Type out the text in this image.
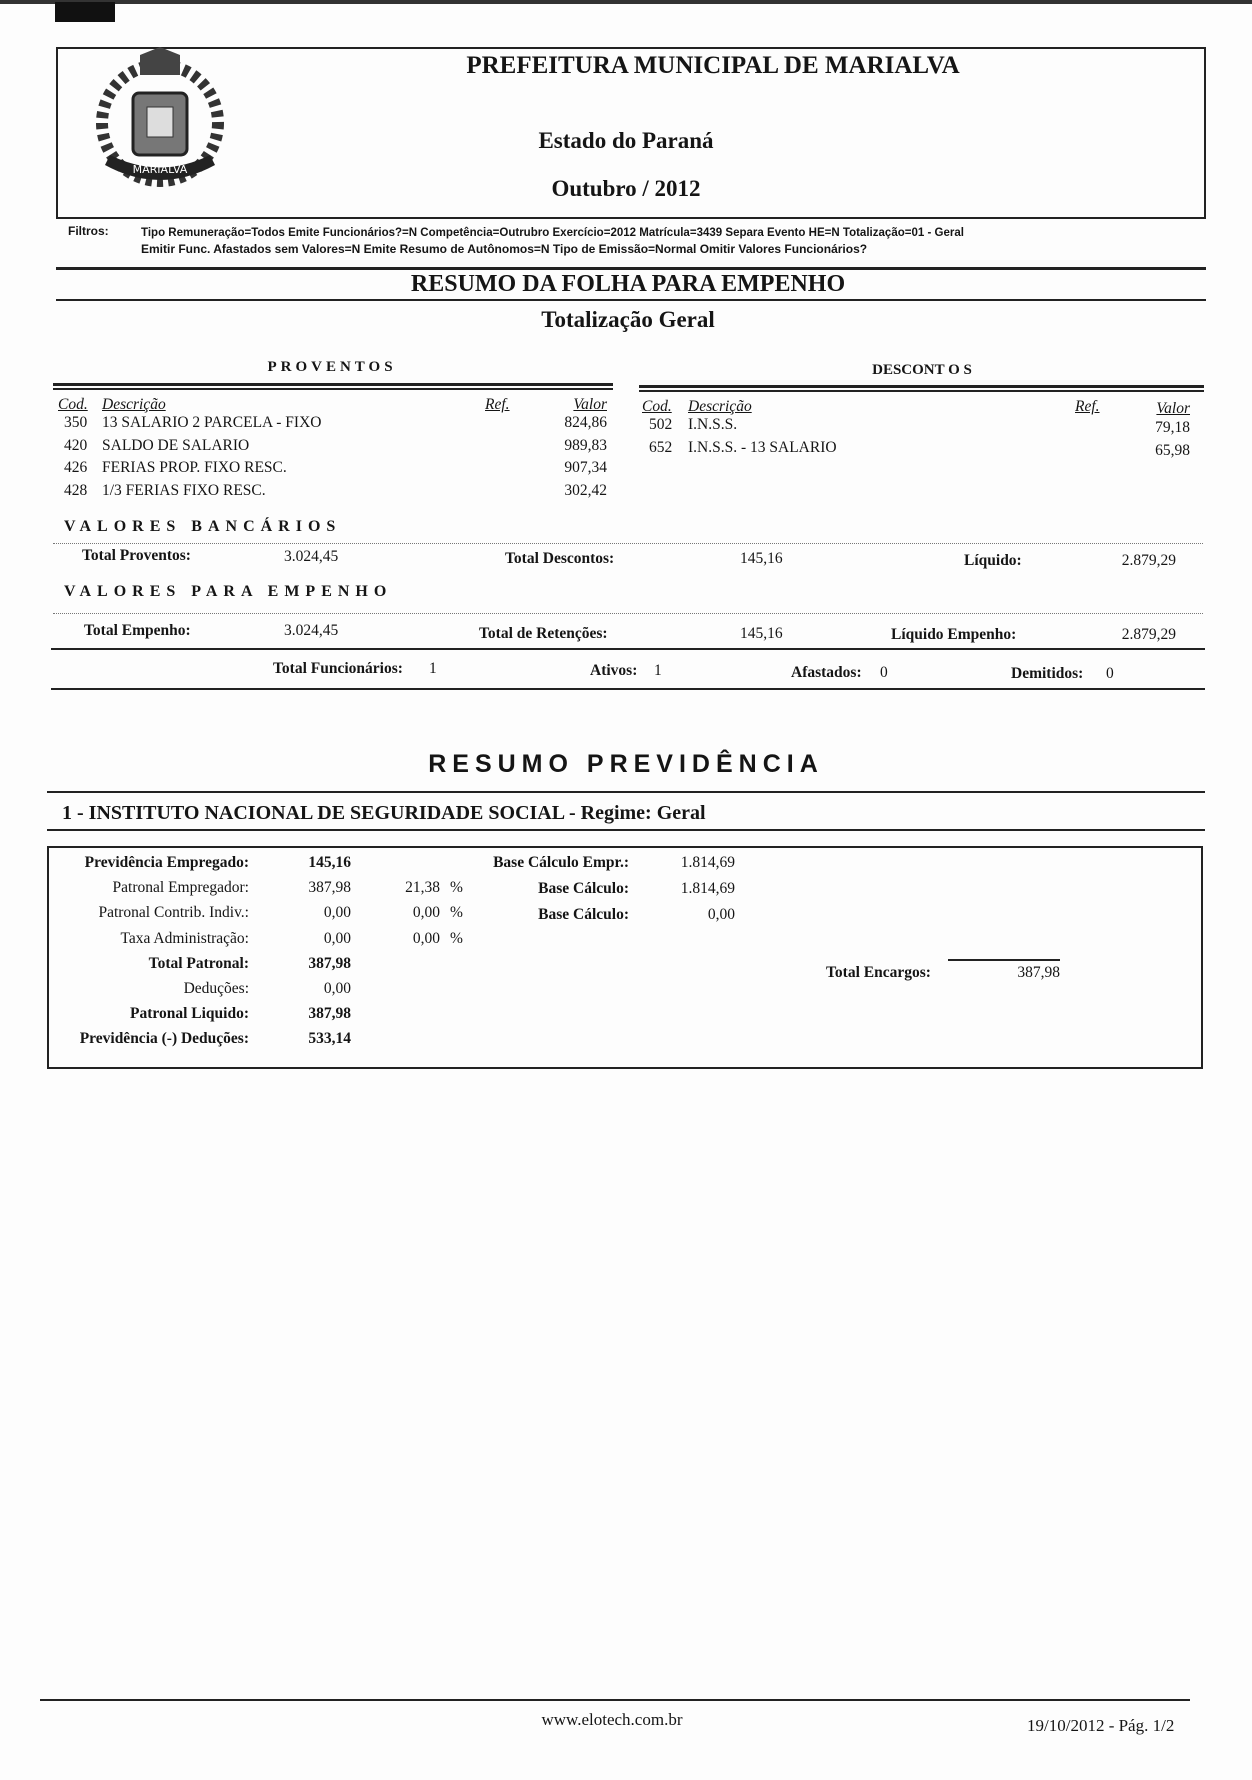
MARIALVA
PREFEITURA MUNICIPAL DE MARIALVA
Estado do Paraná
Outubro / 2012
Filtros:	Tipo Remuneração=Todos Emite Funcionários?=N Competência=Outrubro Exercício=2012 Matrícula=3439 Separa Evento HE=N Totalização=01 - Geral
Emitir Func. Afastados sem Valores=N Emite Resumo de Autônomos=N Tipo de Emissão=Normal Omitir Valores Funcionários?
RESUMO DA FOLHA PARA EMPENHO
Totalização Geral
PROVENTOS
Cod. Descrição	Ref.	Valor
350 13 SALARIO 2 PARCELA - FIXO	824,86
420 SALDO DE SALARIO	989,83
426 FERIAS PROP. FIXO RESC.	907,34
428 1/3 FERIAS FIXO RESC.	302,42
DESCONT O S
Cod. Descrição	Ref.	Valor
502 I.N.S.S.	79,18
652 I.N.S.S. - 13 SALARIO	65,98
VALORES BANCÁRIOS
Total Proventos:	3.024,45	Total Descontos:	145,16	Líquido:	2.879,29
VALORES PARA EMPENHO
Total Empenho:	3.024,45	Total de Retenções:	145,16	Líquido Empenho:	2.879,29
Total Funcionários: 1	Ativos: 1	Afastados: 0	Demitidos: 0
RESUMO PREVIDÊNCIA
1 - INSTITUTO NACIONAL DE SEGURIDADE SOCIAL - Regime: Geral
Previdência Empregado:	145,16
Patronal Empregador:	387,98	21,38 %
Patronal Contrib. Indiv.:	0,00	0,00 %
Taxa Administração:	0,00	0,00 %
Total Patronal:	387,98
Deduções:	0,00
Patronal Liquido:	387,98
Previdência (-) Deduções:	533,14
Base Cálculo Empr.:	1.814,69
Base Cálculo:	1.814,69
Base Cálculo:	0,00
Total Encargos:	387,98
www.elotech.com.br	19/10/2012 - Pág. 1/2
